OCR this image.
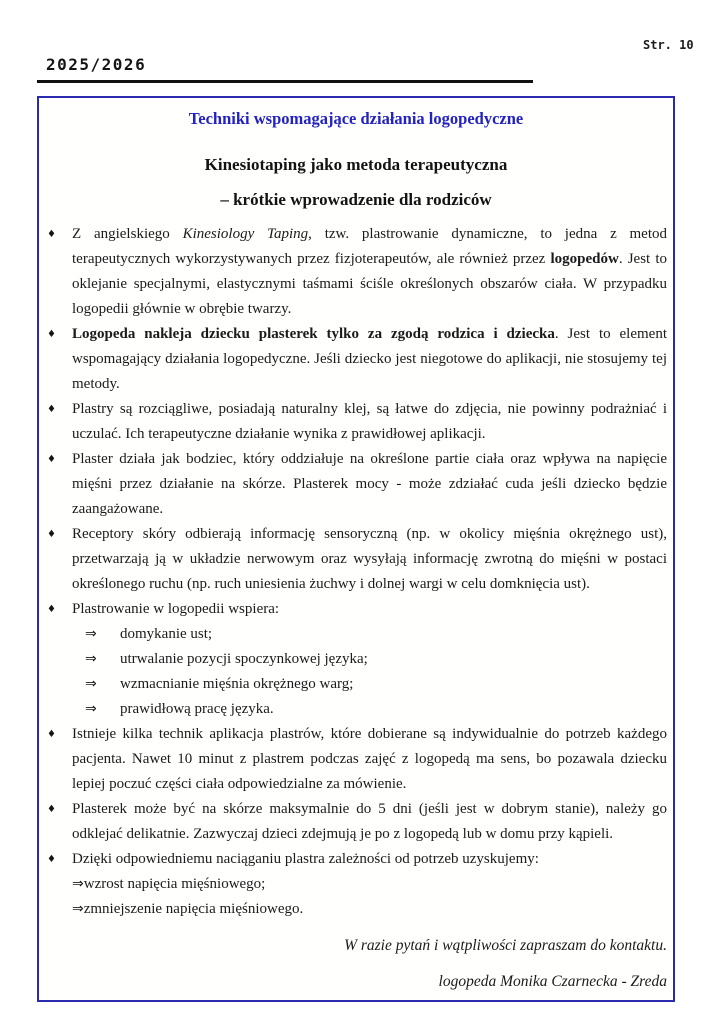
2025/2026
Str. 10
Techniki wspomagające działania logopedyczne
Kinesiotaping jako metoda terapeutyczna
– krótkie wprowadzenie dla rodziców
♦	Z angielskiego Kinesiology Taping, tzw. plastrowanie dynamiczne, to jedna z metod terapeutycznych wykorzystywanych przez fizjoterapeutów, ale również przez logopedów. Jest to oklejanie specjalnymi, elastycznymi taśmami ściśle określonych obszarów ciała. W przypadku logopedii głównie w obrębie twarzy.

♦	Logopeda nakleja dziecku plasterek tylko za zgodą rodzica i dziecka. Jest to element wspomagający działania logopedyczne. Jeśli dziecko jest niegotowe do aplikacji, nie stosujemy tej metody.

♦	Plastry są rozciągliwe, posiadają naturalny klej, są łatwe do zdjęcia, nie powinny podrażniać i uczulać. Ich terapeutyczne działanie wynika z prawidłowej aplikacji.

♦	Plaster działa jak bodziec, który oddziałuje na określone partie ciała oraz wpływa na napięcie mięśni przez działanie na skórze. Plasterek mocy - może zdziałać cuda jeśli dziecko będzie zaangażowane.

♦	Receptory skóry odbierają informację sensoryczną (np. w okolicy mięśnia okrężnego ust), przetwarzają ją w układzie nerwowym oraz wysyłają informację zwrotną do mięśni w postaci określonego ruchu (np. ruch uniesienia żuchwy i dolnej wargi w celu domknięcia ust).

♦	Plastrowanie w logopedii wspiera:

⇒	domykanie ust;
⇒	utrwalanie pozycji spoczynkowej języka;
⇒	wzmacnianie mięśnia okrężnego warg;
⇒	prawidłową pracę języka.
♦	Istnieje kilka technik aplikacja plastrów, które dobierane są indywidualnie do potrzeb każdego pacjenta. Nawet 10 minut z plastrem podczas zajęć z logopedą ma sens, bo pozawala dziecku lepiej poczuć części ciała odpowiedzialne za mówienie.

♦	Plasterek może być na skórze maksymalnie do 5 dni (jeśli jest w dobrym stanie), należy go odklejać delikatnie. Zazwyczaj dzieci zdejmują je po z logopedą lub w domu przy kąpieli.

♦	Dzięki odpowiedniemu naciąganiu plastra zależności od potrzeb uzyskujemy:

⇒wzrost napięcia mięśniowego;
⇒zmniejszenie napięcia mięśniowego.
W razie pytań i wątpliwości zapraszam do kontaktu.
logopeda Monika Czarnecka - Zreda
